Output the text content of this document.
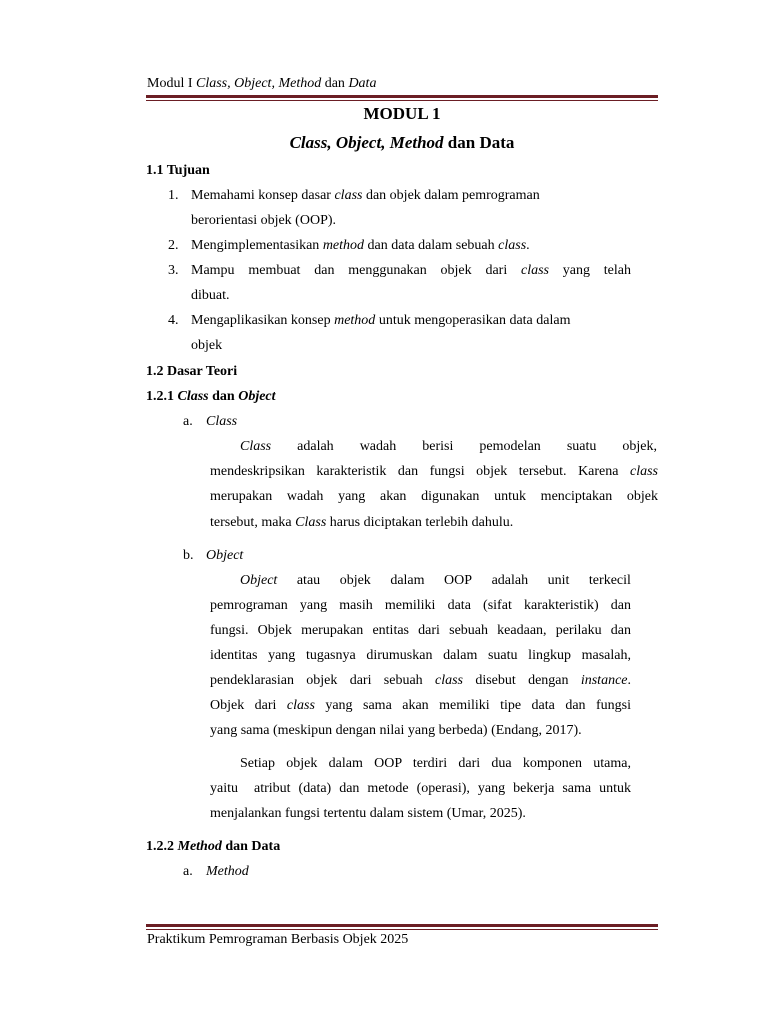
Modul I Class, Object, Method dan Data
MODUL 1
Class, Object, Method dan Data
1.1 Tujuan
1. Memahami konsep dasar class dan objek dalam pemrograman
berorientasi objek (OOP).
2. Mengimplementasikan method dan data dalam sebuah class.
3. Mampu membuat dan menggunakan objek dari class yang telah
dibuat.
4. Mengaplikasikan konsep method untuk mengoperasikan data dalam
objek
1.2 Dasar Teori
1.2.1 Class dan Object
a. Class
Class adalah wadah berisi pemodelan suatu objek,
mendeskripsikan karakteristik dan fungsi objek tersebut. Karena class
merupakan wadah yang akan digunakan untuk menciptakan objek
tersebut, maka Class harus diciptakan terlebih dahulu.
b. Object
Object atau objek dalam OOP adalah unit terkecil
pemrograman yang masih memiliki data (sifat karakteristik) dan
fungsi. Objek merupakan entitas dari sebuah keadaan, perilaku dan
identitas yang tugasnya dirumuskan dalam suatu lingkup masalah,
pendeklarasian objek dari sebuah class disebut dengan instance.
Objek dari class yang sama akan memiliki tipe data dan fungsi
yang sama (meskipun dengan nilai yang berbeda) (Endang, 2017).
Setiap objek dalam OOP terdiri dari dua komponen utama,
yaitu  atribut (data) dan metode (operasi), yang bekerja sama untuk
menjalankan fungsi tertentu dalam sistem (Umar, 2025).
1.2.2 Method dan Data
a. Method
Praktikum Pemrograman Berbasis Objek 2025
